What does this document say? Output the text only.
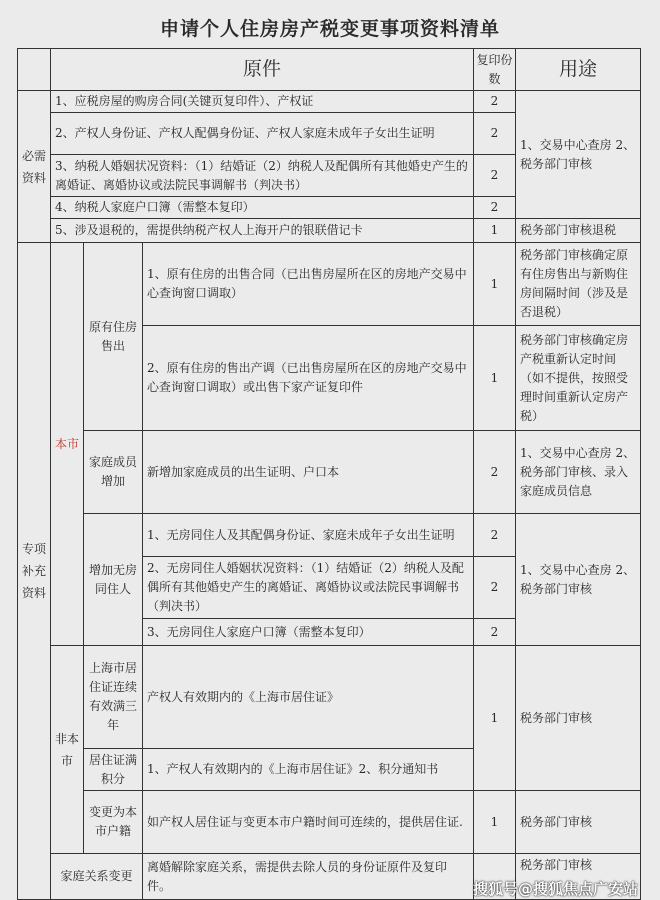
申请个人住房房产税变更事项资料清单
	原件			复印份数	用途
必需资料	1、应税房屋的购房合同(关键页复印件）、产权证			2	1、交易中心查房 2、税务部门审核
	2、产权人身份证、产权人配偶身份证、产权人家庭未成年子女出生证明			2	
	3、纳税人婚姻状况资料：（1）结婚证（2）纳税人及配偶所有其他婚史产生的离婚证、离婚协议或法院民事调解书（判决书）			2	
	4、纳税人家庭户口簿（需整本复印）			2	
	5、涉及退税的，需提供纳税产权人上海开户的银联借记卡			1	税务部门审核退税
专项补充资料	本市	原有住房售出	1、原有住房的出售合同（已出售房屋所在区的房地产交易中心查询窗口调取）	1	税务部门审核确定原有住房售出与新购住房间隔时间（涉及是否退税）
			2、原有住房的售出产调（已出售房屋所在区的房地产交易中心查询窗口调取）或出售下家产证复印件	1	税务部门审核确定房产税重新认定时间（如不提供，按照受理时间重新认定房产税）
		家庭成员增加	新增加家庭成员的出生证明、户口本	2	1、交易中心查房 2、税务部门审核、录入家庭成员信息
		增加无房同住人	1、无房同住人及其配偶身份证、家庭未成年子女出生证明	2	1、交易中心查房 2、税务部门审核
			2、无房同住人婚姻状况资料：（1）结婚证（2）纳税人及配偶所有其他婚史产生的离婚证、离婚协议或法院民事调解书（判决书）	2	
			3、无房同住人家庭户口簿（需整本复印）	2	
	非本市	上海市居住证连续有效满三年	产权人有效期内的《上海市居住证》	1	税务部门审核
		居住证满积分	1、产权人有效期内的《上海市居住证》2、积分通知书		
		变更为本市户籍	如产权人居住证与变更本市户籍时间可连续的，提供居住证.	1	税务部门审核
	家庭关系变更		离婚解除家庭关系，需提供去除人员的身份证原件及复印件。		税务部门审核
搜狐号@搜狐焦点广安站
